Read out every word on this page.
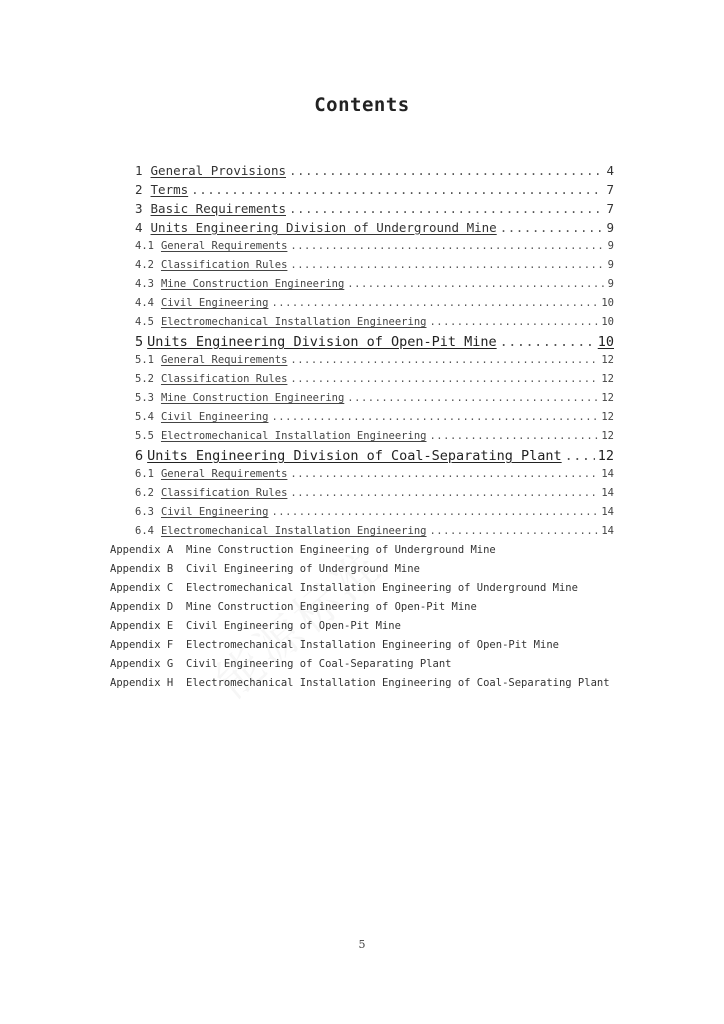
Contents
1 General Provisions .....	4
2 Terms .....	7
3 Basic Requirements .....	7
4 Units Engineering Division of Underground Mine .....	9
4.1 General Requirements .....	9
4.2 Classification Rules .....	9
4.3 Mine Construction Engineering .....	9
4.4 Civil Engineering .....	10
4.5 Electromechanical Installation Engineering .....	10
5 Units Engineering Division of Open-Pit Mine .....	10
5.1 General Requirements .....	12
5.2 Classification Rules .....	12
5.3 Mine Construction Engineering .....	12
5.4 Civil Engineering .....	12
5.5 Electromechanical Installation Engineering .....	12
6 Units Engineering Division of Coal-Separating Plant .....	12
6.1 General Requirements .....	14
6.2 Classification Rules .....	14
6.3 Civil Engineering .....	14
6.4 Electromechanical Installation Engineering .....	14
Appendix A	Mine Construction Engineering of Underground Mine
Appendix B	Civil Engineering of Underground Mine
Appendix C	Electromechanical Installation Engineering of Underground Mine
Appendix D	Mine Construction Engineering of Open-Pit Mine
Appendix E	Civil Engineering of Open-Pit Mine
Appendix F	Electromechanical Installation Engineering of Open-Pit Mine
Appendix G	Civil Engineering of Coal-Separating Plant
Appendix H	Electromechanical Installation Engineering of Coal-Separating Plant
5
